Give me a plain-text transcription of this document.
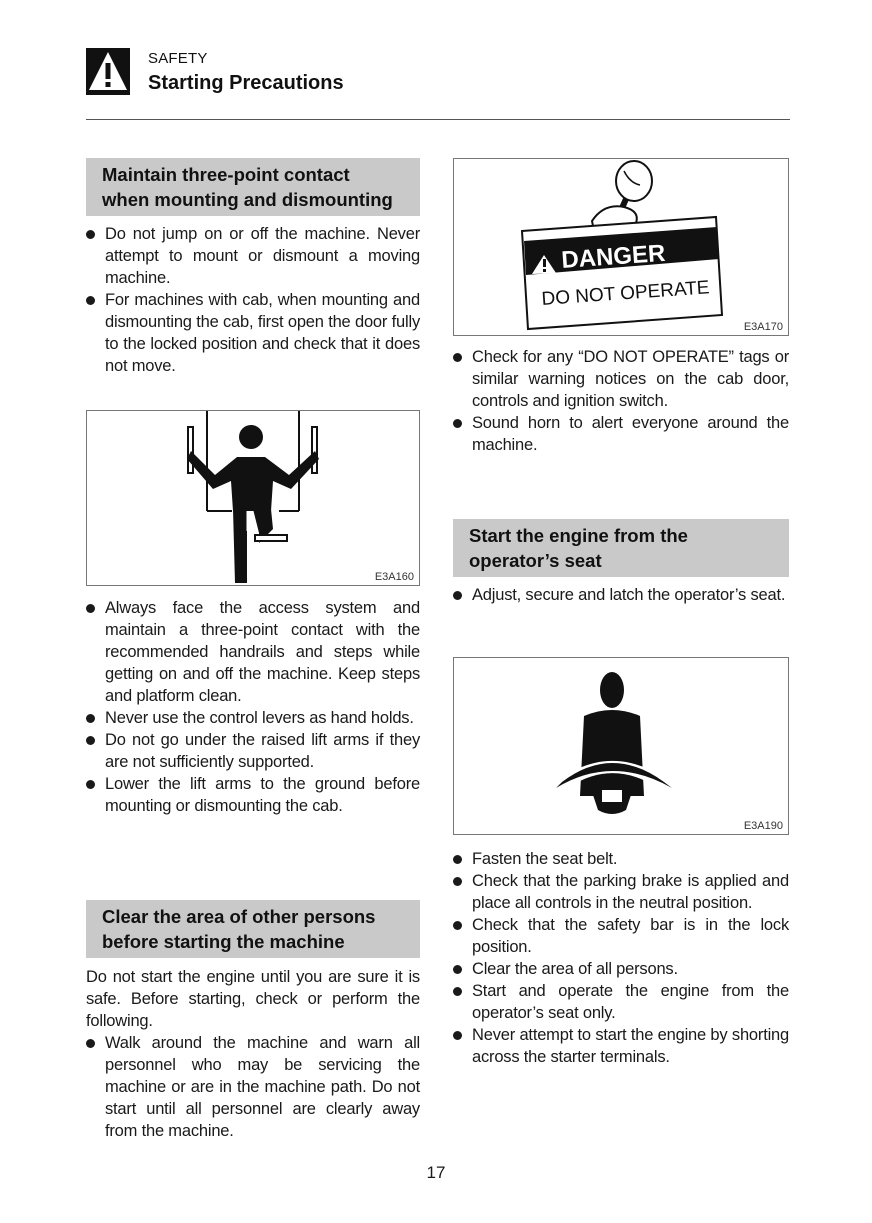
SAFETY
Starting Precautions
Maintain three-point contact
when mounting and dismounting
Do not jump on or off the machine. Never attempt to mount or dismount a moving machine.
For machines with cab, when mounting and dismounting the cab, first open the door fully to the locked position and check that it does not move.
E3A160
Always face the access system and maintain a three-point contact with the recommended handrails and steps while getting on and off the machine. Keep steps and platform clean.
Never use the control levers as hand holds.
Do not go under the raised lift arms if they are not sufficiently supported.
Lower the lift arms to the ground before mounting or dismounting the cab.
Clear the area of other persons
before starting the machine
Do not start the engine until you are sure it is safe. Before starting, check or perform the following.
Walk around the machine and warn all personnel who may be servicing the machine or are in the machine path. Do not start until all personnel are clearly away from the machine.
DANGER
DO NOT OPERATE
E3A170
Check for any “DO NOT OPERATE” tags or similar warning notices on the cab door, controls and ignition switch.
Sound horn to alert everyone around the machine.
Start the engine from the
operator’s seat
Adjust, secure and latch the operator’s seat.
E3A190
Fasten the seat belt.
Check that the parking brake is applied and place all controls in the neutral position.
Check that the safety bar is in the lock position.
Clear the area of all persons.
Start and operate the engine from the operator’s seat only.
Never attempt to start the engine by shorting across the starter terminals.
17
